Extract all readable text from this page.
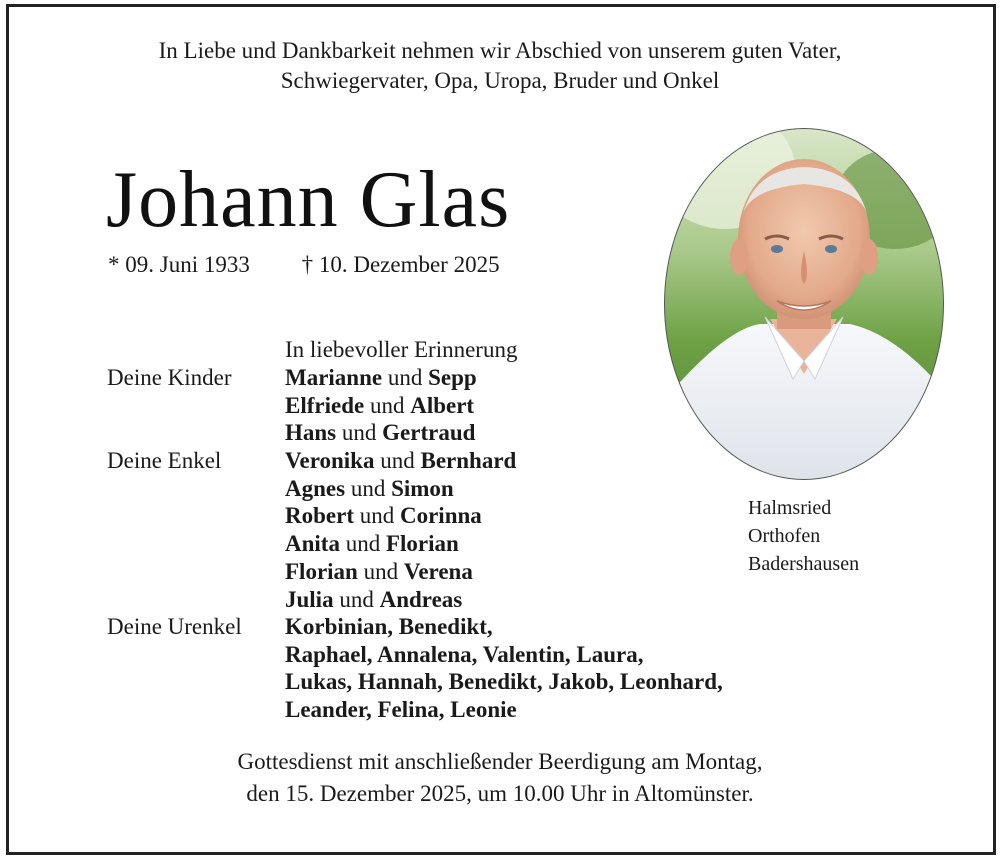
In Liebe und Dankbarkeit nehmen wir Abschied von unserem guten Vater,
Schwiegervater, Opa, Uropa, Bruder und Onkel
Johann Glas
* 09. Juni 1933 † 10. Dezember 2025
Halmsried
Orthofen
Badershausen
In liebevoller Erinnerung
Deine Kinder Marianne und Sepp
Elfriede und Albert
Hans und Gertraud
Deine Enkel	Veronika und Bernhard
Agnes und Simon
Robert und Corinna
Anita und Florian
Florian und Verena
Julia und Andreas
Deine Urenkel Korbinian, Benedikt,
Raphael, Annalena, Valentin, Laura,
Lukas, Hannah, Benedikt, Jakob, Leonhard,
Leander, Felina, Leonie
Gottesdienst mit anschließender Beerdigung am Montag,
den 15. Dezember 2025, um 10.00 Uhr in Altomünster.
